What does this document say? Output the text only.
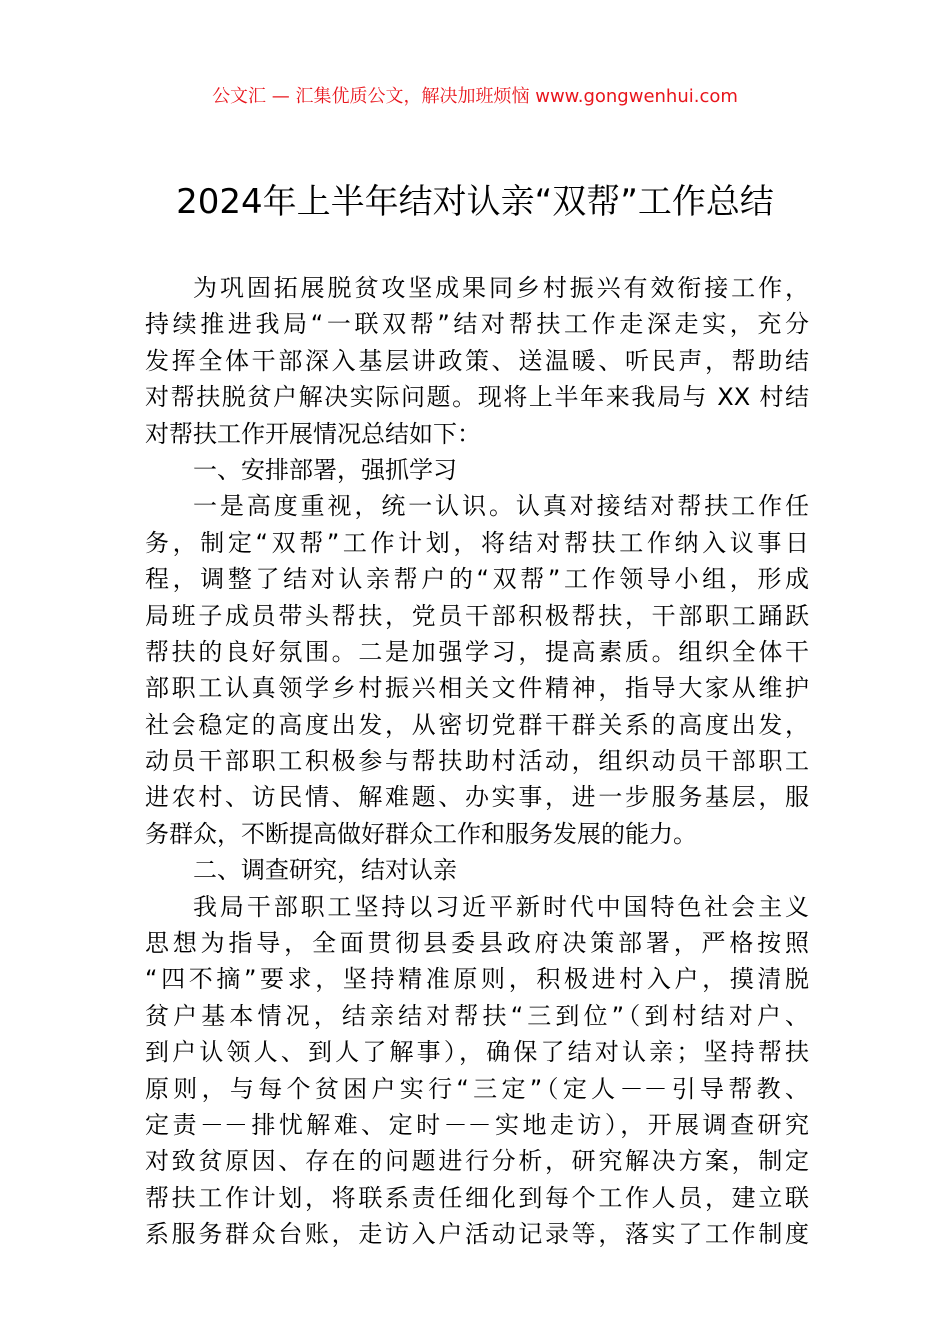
公文汇 — 汇集优质公文，解决加班烦恼 www.gongwenhui.com
2024年上半年结对认亲“双帮”工作总结
为巩固拓展脱贫攻坚成果同乡村振兴有效衔接工作，
持续推进我局“一联双帮”结对帮扶工作走深走实，充分
发挥全体干部深入基层讲政策、送温暖、听民声，帮助结
对帮扶脱贫户解决实际问题。现将上半年来我局与 XX 村结
对帮扶工作开展情况总结如下：
一、安排部署，强抓学习
一是高度重视，统一认识。认真对接结对帮扶工作任
务，制定“双帮”工作计划，将结对帮扶工作纳入议事日
程，调整了结对认亲帮户的“双帮”工作领导小组，形成
局班子成员带头帮扶，党员干部积极帮扶，干部职工踊跃
帮扶的良好氛围。二是加强学习，提高素质。组织全体干
部职工认真领学乡村振兴相关文件精神，指导大家从维护
社会稳定的高度出发，从密切党群干群关系的高度出发，
动员干部职工积极参与帮扶助村活动，组织动员干部职工
进农村、访民情、解难题、办实事，进一步服务基层，服
务群众，不断提高做好群众工作和服务发展的能力。
二、调查研究，结对认亲
我局干部职工坚持以习近平新时代中国特色社会主义
思想为指导，全面贯彻县委县政府决策部署，严格按照
“四不摘”要求，坚持精准原则，积极进村入户，摸清脱
贫户基本情况，结亲结对帮扶“三到位”（到村结对户、
到户认领人、到人了解事），确保了结对认亲；坚持帮扶
原则，与每个贫困户实行“三定”（定人－－引导帮教、
定责－－排忧解难、定时－－实地走访），开展调查研究
对致贫原因、存在的问题进行分析，研究解决方案，制定
帮扶工作计划，将联系责任细化到每个工作人员，建立联
系服务群众台账，走访入户活动记录等，落实了工作制度
